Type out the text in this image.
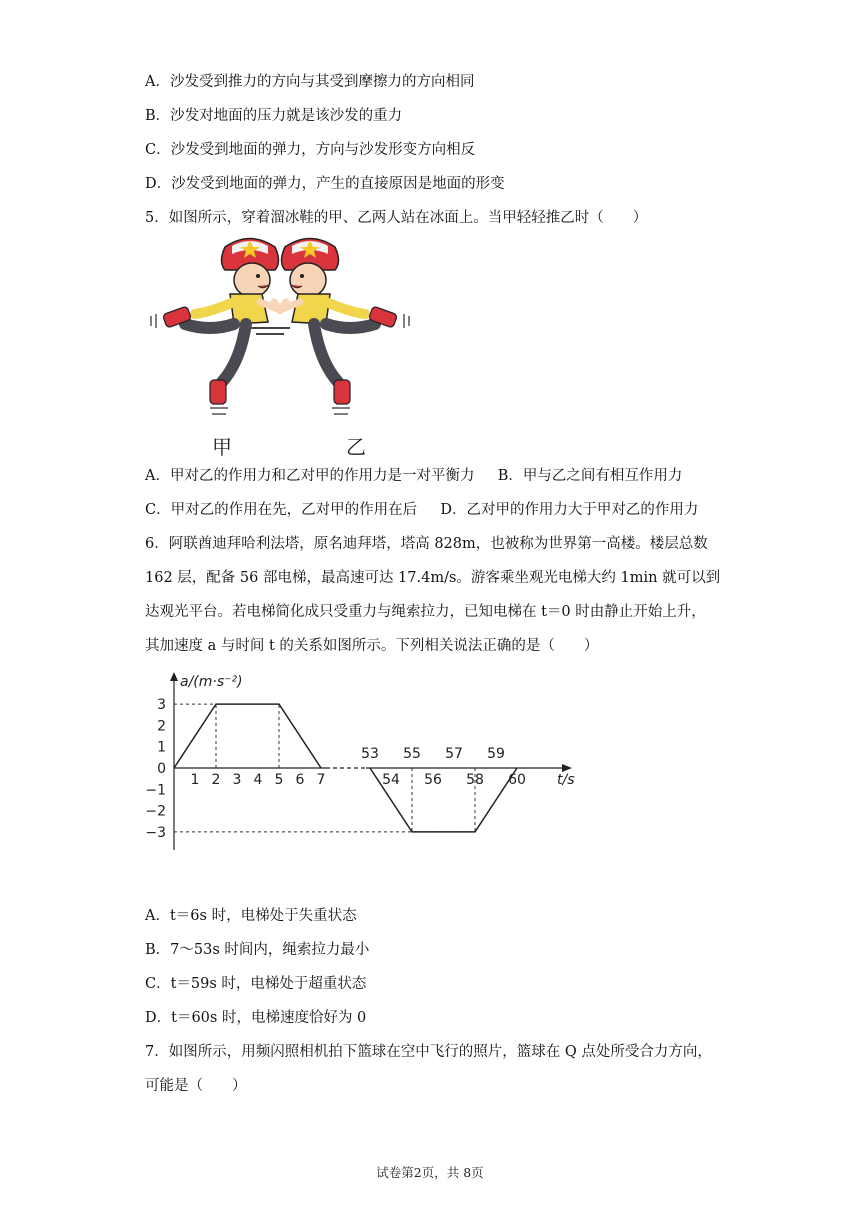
A．沙发受到推力的方向与其受到摩擦力的方向相同
B．沙发对地面的压力就是该沙发的重力
C．沙发受到地面的弹力，方向与沙发形变方向相反
D．沙发受到地面的弹力，产生的直接原因是地面的形变
5．如图所示，穿着溜冰鞋的甲、乙两人站在冰面上。当甲轻轻推乙时（　　）
甲	乙
A．甲对乙的作用力和乙对甲的作用力是一对平衡力 B．甲与乙之间有相互作用力
C．甲对乙的作用在先，乙对甲的作用在后 D．乙对甲的作用力大于甲对乙的作用力
6．阿联酋迪拜哈利法塔，原名迪拜塔，塔高 828m，也被称为世界第一高楼。楼层总数
162 层，配备 56 部电梯，最高速可达 17.4m/s。游客乘坐观光电梯大约 1min 就可以到
达观光平台。若电梯简化成只受重力与绳索拉力，已知电梯在 t＝0 时由静止开始上升，
其加速度 a 与时间 t 的关系如图所示。下列相关说法正确的是（　　）
3
2
1
0
−1
−2
−3
1 2 3 4 5 6 7
53 55 57 59
54 56 58 60
a/(m·s⁻²)
t/s
A．t＝6s 时，电梯处于失重状态
B．7～53s 时间内，绳索拉力最小
C．t＝59s 时，电梯处于超重状态
D．t＝60s 时，电梯速度恰好为 0
7．如图所示，用频闪照相机拍下篮球在空中飞行的照片，篮球在 Q 点处所受合力方向，
可能是（　　）
试卷第2页，共 8页
